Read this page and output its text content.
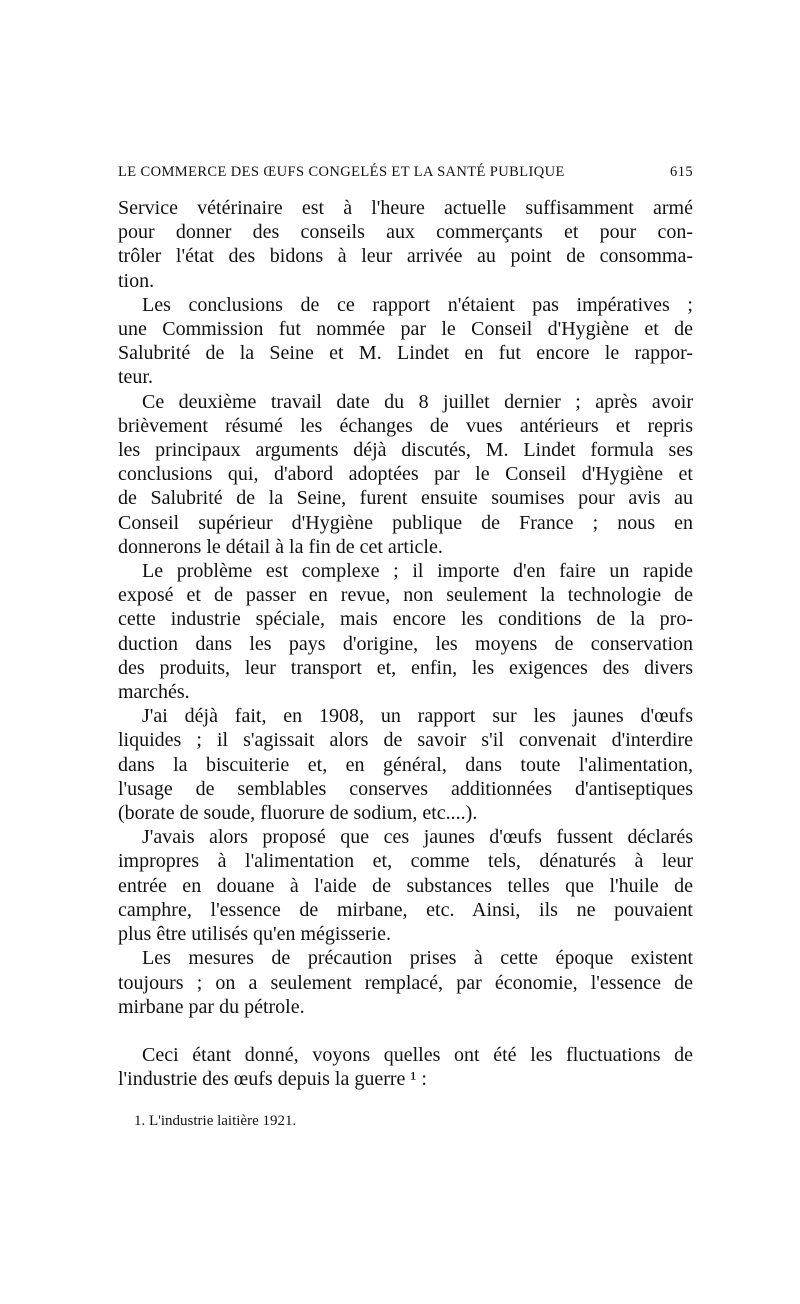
LE COMMERCE DES ŒUFS CONGELÉS ET LA SANTÉ PUBLIQUE	615

Service vétérinaire est à l'heure actuelle suffisamment armé
pour donner des conseils aux commerçants et pour con-
trôler l'état des bidons à leur arrivée au point de consomma-
tion.

Les conclusions de ce rapport n'étaient pas impératives ;
une Commission fut nommée par le Conseil d'Hygiène et de
Salubrité de la Seine et M. Lindet en fut encore le rappor-
teur.

Ce deuxième travail date du 8 juillet dernier ; après avoir
brièvement résumé les échanges de vues antérieurs et repris
les principaux arguments déjà discutés, M. Lindet formula ses
conclusions qui, d'abord adoptées par le Conseil d'Hygiène et
de Salubrité de la Seine, furent ensuite soumises pour avis au
Conseil supérieur d'Hygiène publique de France ; nous en
donnerons le détail à la fin de cet article.

Le problème est complexe ; il importe d'en faire un rapide
exposé et de passer en revue, non seulement la technologie de
cette industrie spéciale, mais encore les conditions de la pro-
duction dans les pays d'origine, les moyens de conservation
des produits, leur transport et, enfin, les exigences des divers
marchés.

J'ai déjà fait, en 1908, un rapport sur les jaunes d'œufs
liquides ; il s'agissait alors de savoir s'il convenait d'interdire
dans la biscuiterie et, en général, dans toute l'alimentation,
l'usage de semblables conserves additionnées d'antiseptiques
(borate de soude, fluorure de sodium, etc....).

J'avais alors proposé que ces jaunes d'œufs fussent déclarés
impropres à l'alimentation et, comme tels, dénaturés à leur
entrée en douane à l'aide de substances telles que l'huile de
camphre, l'essence de mirbane, etc. Ainsi, ils ne pouvaient
plus être utilisés qu'en mégisserie.

Les mesures de précaution prises à cette époque existent
toujours ; on a seulement remplacé, par économie, l'essence de
mirbane par du pétrole.

Ceci étant donné, voyons quelles ont été les fluctuations de
l'industrie des œufs depuis la guerre ¹ :

1. L'industrie laitière 1921.
